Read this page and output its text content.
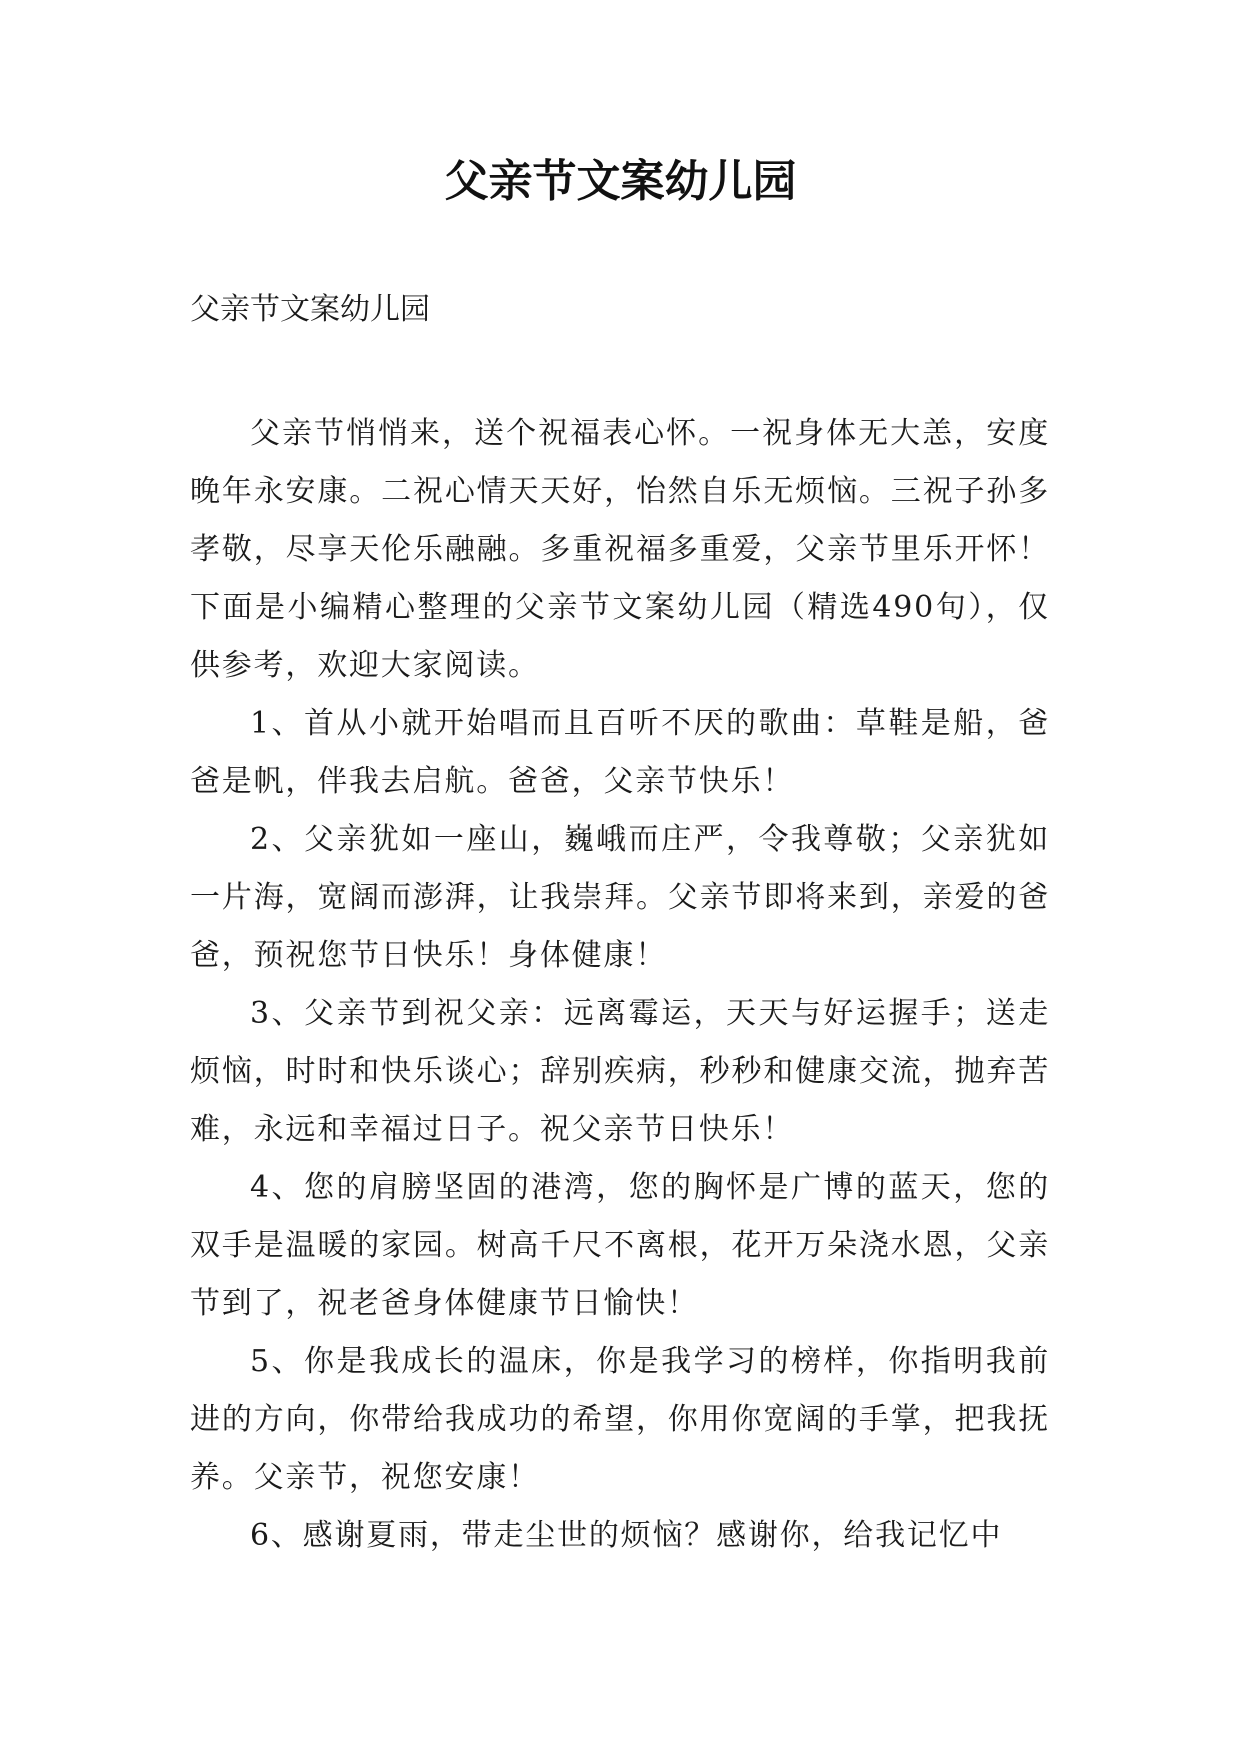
父亲节文案幼儿园

父亲节文案幼儿园

父亲节悄悄来，送个祝福表心怀。一祝身体无大恙，安度晚年永安康。二祝心情天天好，怡然自乐无烦恼。三祝子孙多孝敬，尽享天伦乐融融。多重祝福多重爱，父亲节里乐开怀！下面是小编精心整理的父亲节文案幼儿园（精选490句），仅供参考，欢迎大家阅读。

1、首从小就开始唱而且百听不厌的歌曲：草鞋是船，爸爸是帆，伴我去启航。爸爸，父亲节快乐！

2、父亲犹如一座山，巍峨而庄严，令我尊敬；父亲犹如一片海，宽阔而澎湃，让我崇拜。父亲节即将来到，亲爱的爸爸，预祝您节日快乐！身体健康！

3、父亲节到祝父亲：远离霉运，天天与好运握手；送走烦恼，时时和快乐谈心；辞别疾病，秒秒和健康交流，抛弃苦难，永远和幸福过日子。祝父亲节日快乐！

4、您的肩膀坚固的港湾，您的胸怀是广博的蓝天，您的双手是温暖的家园。树高千尺不离根，花开万朵浇水恩，父亲节到了，祝老爸身体健康节日愉快！

5、你是我成长的温床，你是我学习的榜样，你指明我前进的方向，你带给我成功的希望，你用你宽阔的手掌，把我抚养。父亲节，祝您安康！

6、感谢夏雨，带走尘世的烦恼？感谢你，给我记忆中
